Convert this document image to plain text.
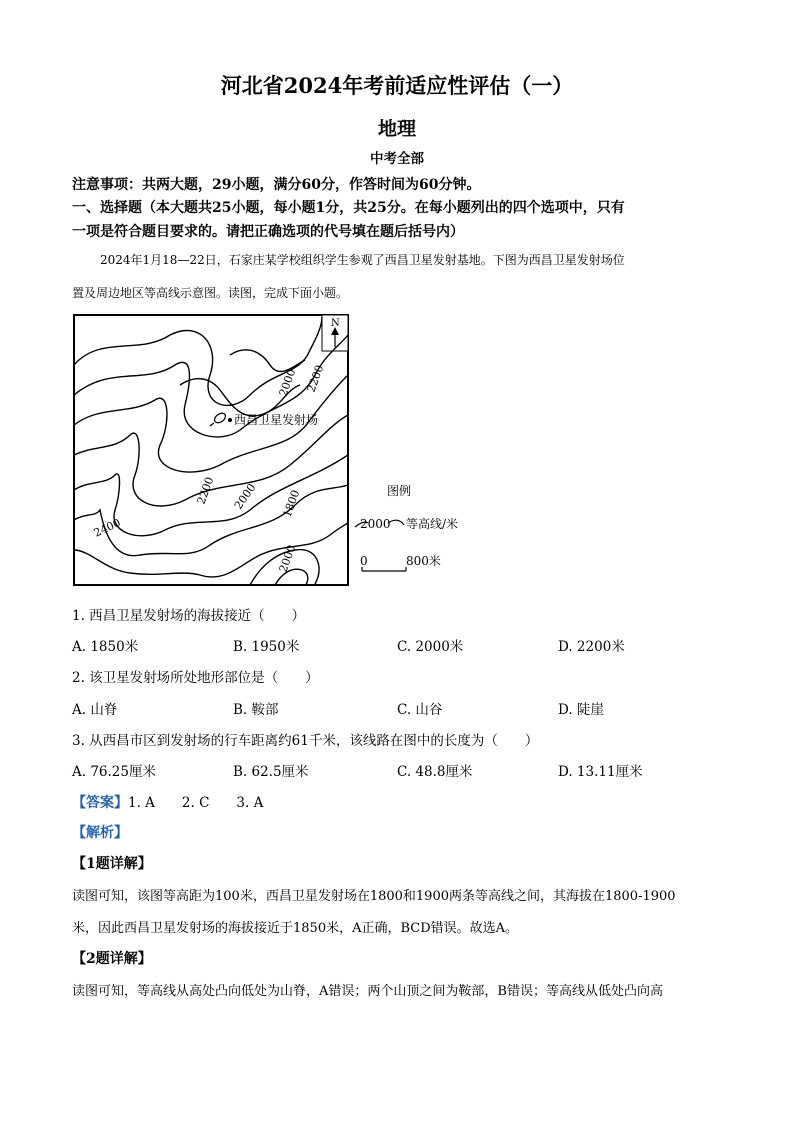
河北省2024年考前适应性评估（一）
地理
中考全部
注意事项：共两大题，29小题，满分60分，作答时间为60分钟。
一、选择题（本大题共25小题，每小题1分，共25分。在每小题列出的四个选项中，只有
一项是符合题目要求的。请把正确选项的代号填在题后括号内）
2024年1月18—22日，石家庄某学校组织学生参观了西昌卫星发射基地。下图为西昌卫星发射场位
置及周边地区等高线示意图。读图，完成下面小题。
N
西昌卫星发射场
2000 2200
2200 2000
2400
1800
2000
图例
2000 等高线/米
0	800米
1. 西昌卫星发射场的海拔接近（　　）
A. 1850米	B. 1950米	C. 2000米	D. 2200米
2. 该卫星发射场所处地形部位是（　　）
A. 山脊	B. 鞍部	C. 山谷	D. 陡崖
3. 从西昌市区到发射场的行车距离约61千米，该线路在图中的长度为（　　）
A. 76.25厘米	B. 62.5厘米	C. 48.8厘米	D. 13.11厘米
【答案】1. A　　2. C　　3. A
【解析】
【1题详解】
读图可知，该图等高距为100米，西昌卫星发射场在1800和1900两条等高线之间，其海拔在1800-1900
米，因此西昌卫星发射场的海拔接近于1850米，A正确，BCD错误。故选A。
【2题详解】
读图可知，等高线从高处凸向低处为山脊，A错误；两个山顶之间为鞍部，B错误；等高线从低处凸向高
